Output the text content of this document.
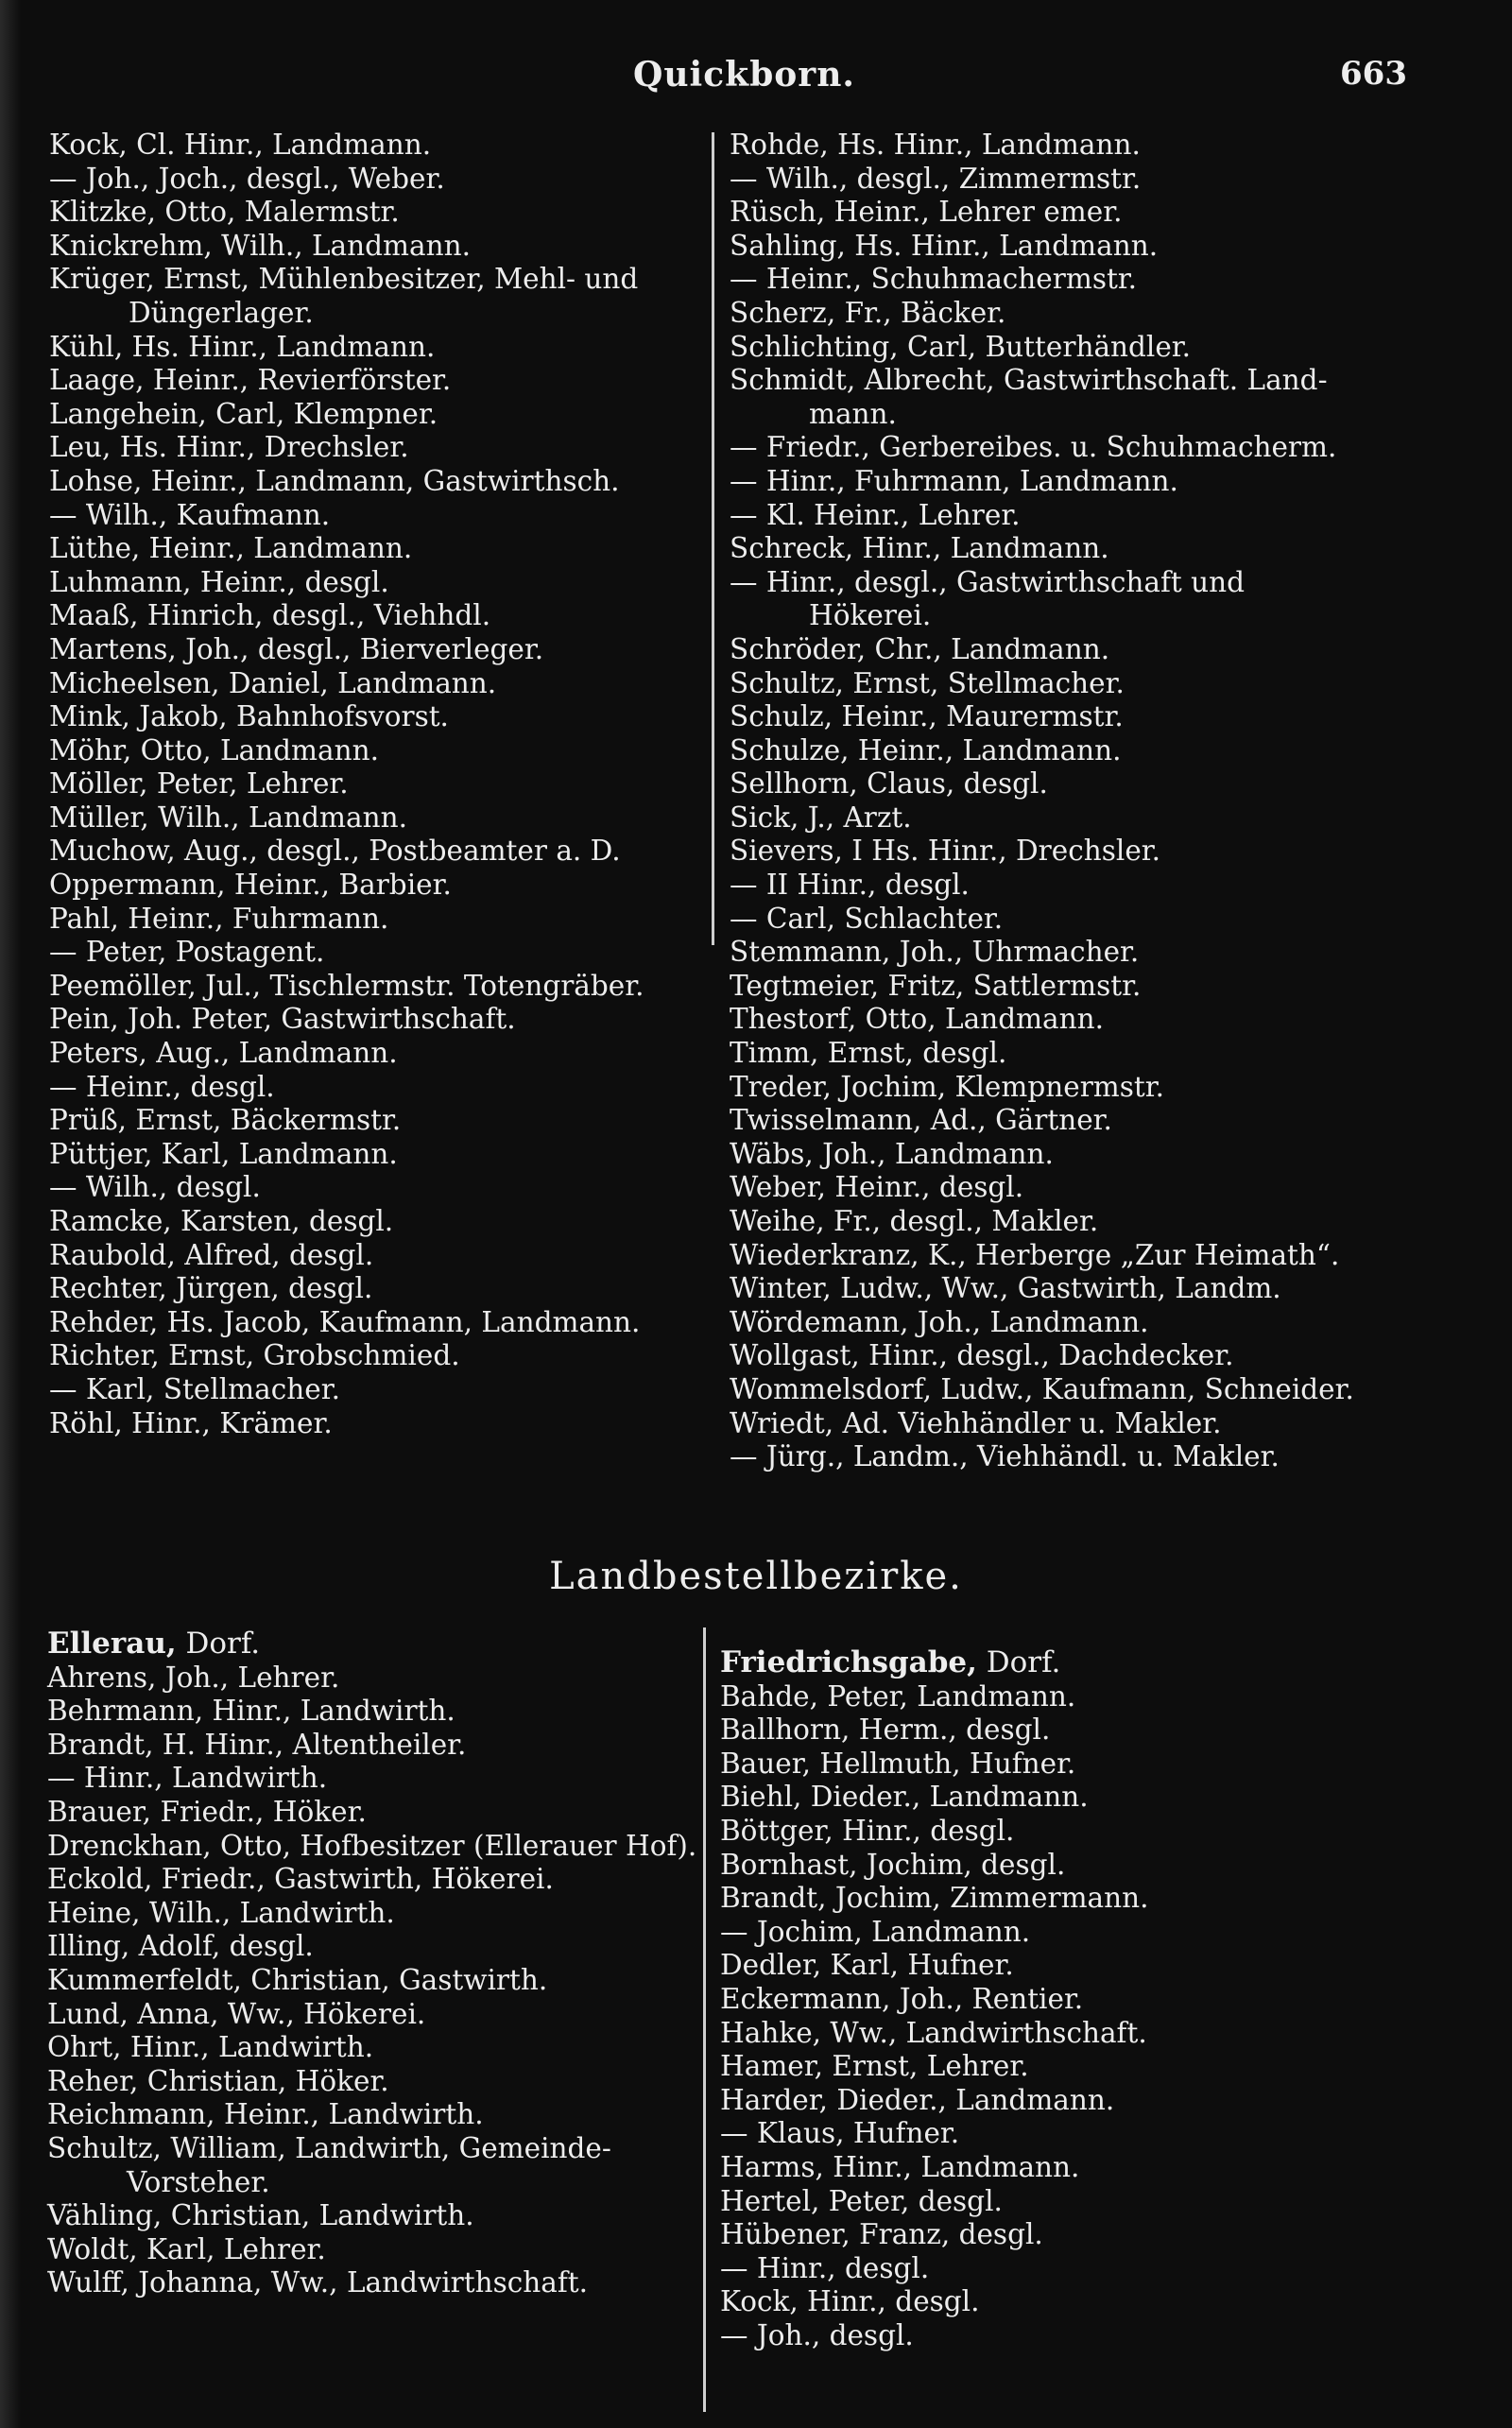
Quickborn.	663
Kock, Cl. Hinr., Landmann.
— Joh., Joch., desgl., Weber.
Klitzke, Otto, Malermstr.
Knickrehm, Wilh., Landmann.
Krüger, Ernst, Mühlenbesitzer, Mehl- und
Düngerlager.
Kühl, Hs. Hinr., Landmann.
Laage, Heinr., Revierförster.
Langehein, Carl, Klempner.
Leu, Hs. Hinr., Drechsler.
Lohse, Heinr., Landmann, Gastwirthsch.
— Wilh., Kaufmann.
Lüthe, Heinr., Landmann.
Luhmann, Heinr., desgl.
Maaß, Hinrich, desgl., Viehhdl.
Martens, Joh., desgl., Bierverleger.
Micheelsen, Daniel, Landmann.
Mink, Jakob, Bahnhofsvorst.
Möhr, Otto, Landmann.
Möller, Peter, Lehrer.
Müller, Wilh., Landmann.
Muchow, Aug., desgl., Postbeamter a. D.
Oppermann, Heinr., Barbier.
Pahl, Heinr., Fuhrmann.
— Peter, Postagent.
Peemöller, Jul., Tischlermstr. Totengräber.
Pein, Joh. Peter, Gastwirthschaft.
Peters, Aug., Landmann.
— Heinr., desgl.
Prüß, Ernst, Bäckermstr.
Püttjer, Karl, Landmann.
— Wilh., desgl.
Ramcke, Karsten, desgl.
Raubold, Alfred, desgl.
Rechter, Jürgen, desgl.
Rehder, Hs. Jacob, Kaufmann, Landmann.
Richter, Ernst, Grobschmied.
— Karl, Stellmacher.
Röhl, Hinr., Krämer.
Rohde, Hs. Hinr., Landmann.
— Wilh., desgl., Zimmermstr.
Rüsch, Heinr., Lehrer emer.
Sahling, Hs. Hinr., Landmann.
— Heinr., Schuhmachermstr.
Scherz, Fr., Bäcker.
Schlichting, Carl, Butterhändler.
Schmidt, Albrecht, Gastwirthschaft. Land-
mann.
— Friedr., Gerbereibes. u. Schuhmacherm.
— Hinr., Fuhrmann, Landmann.
— Kl. Heinr., Lehrer.
Schreck, Hinr., Landmann.
— Hinr., desgl., Gastwirthschaft und
Hökerei.
Schröder, Chr., Landmann.
Schultz, Ernst, Stellmacher.
Schulz, Heinr., Maurermstr.
Schulze, Heinr., Landmann.
Sellhorn, Claus, desgl.
Sick, J., Arzt.
Sievers, I Hs. Hinr., Drechsler.
— II Hinr., desgl.
— Carl, Schlachter.
Stemmann, Joh., Uhrmacher.
Tegtmeier, Fritz, Sattlermstr.
Thestorf, Otto, Landmann.
Timm, Ernst, desgl.
Treder, Jochim, Klempnermstr.
Twisselmann, Ad., Gärtner.
Wäbs, Joh., Landmann.
Weber, Heinr., desgl.
Weihe, Fr., desgl., Makler.
Wiederkranz, K., Herberge „Zur Heimath“.
Winter, Ludw., Ww., Gastwirth, Landm.
Wördemann, Joh., Landmann.
Wollgast, Hinr., desgl., Dachdecker.
Wommelsdorf, Ludw., Kaufmann, Schneider.
Wriedt, Ad. Viehhändler u. Makler.
— Jürg., Landm., Viehhändl. u. Makler.
Landbestellbezirke.
Ellerau, Dorf.
Ahrens, Joh., Lehrer.
Behrmann, Hinr., Landwirth.
Brandt, H. Hinr., Altentheiler.
— Hinr., Landwirth.
Brauer, Friedr., Höker.
Drenckhan, Otto, Hofbesitzer (Ellerauer Hof).
Eckold, Friedr., Gastwirth, Hökerei.
Heine, Wilh., Landwirth.
Illing, Adolf, desgl.
Kummerfeldt, Christian, Gastwirth.
Lund, Anna, Ww., Hökerei.
Ohrt, Hinr., Landwirth.
Reher, Christian, Höker.
Reichmann, Heinr., Landwirth.
Schultz, William, Landwirth, Gemeinde-
Vorsteher.
Vähling, Christian, Landwirth.
Woldt, Karl, Lehrer.
Wulff, Johanna, Ww., Landwirthschaft.
Friedrichsgabe, Dorf.
Bahde, Peter, Landmann.
Ballhorn, Herm., desgl.
Bauer, Hellmuth, Hufner.
Biehl, Dieder., Landmann.
Böttger, Hinr., desgl.
Bornhast, Jochim, desgl.
Brandt, Jochim, Zimmermann.
— Jochim, Landmann.
Dedler, Karl, Hufner.
Eckermann, Joh., Rentier.
Hahke, Ww., Landwirthschaft.
Hamer, Ernst, Lehrer.
Harder, Dieder., Landmann.
— Klaus, Hufner.
Harms, Hinr., Landmann.
Hertel, Peter, desgl.
Hübener, Franz, desgl.
— Hinr., desgl.
Kock, Hinr., desgl.
— Joh., desgl.
